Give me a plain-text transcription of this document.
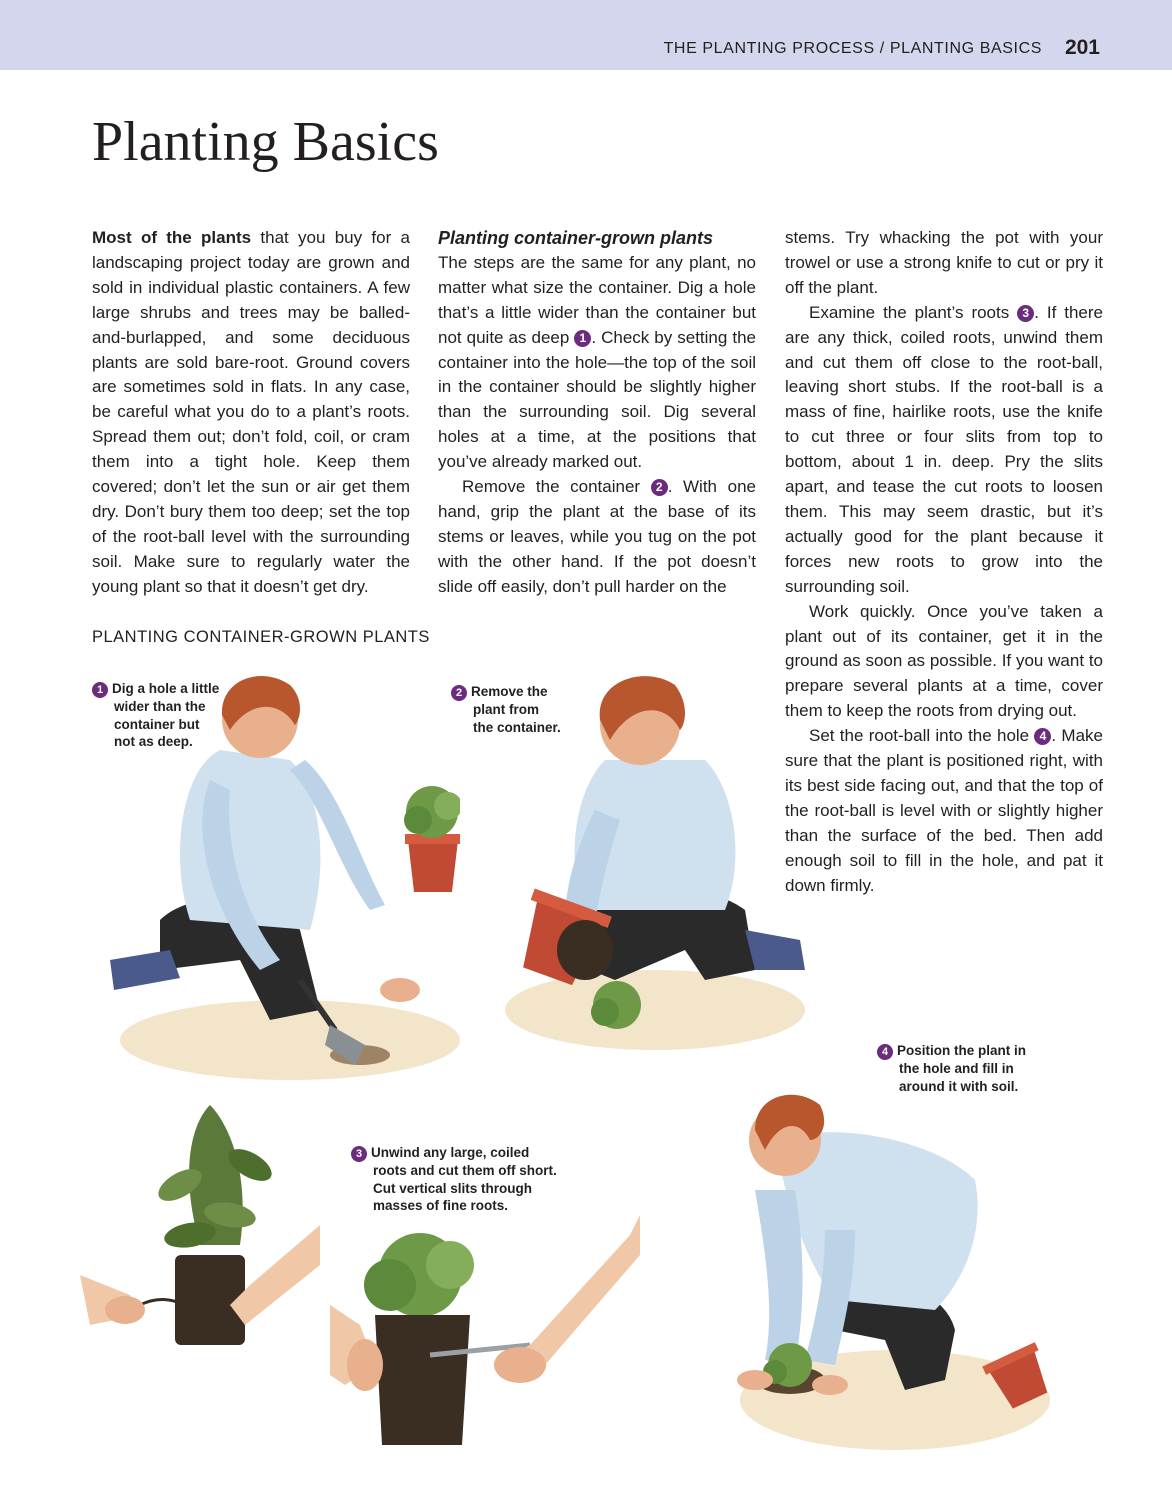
THE PLANTING PROCESS / PLANTING BASICS 201
Planting Basics

Most of the plants that you buy for a landscaping project today are grown and sold in individual plastic containers. A few large shrubs and trees may be balled-and-burlapped, and some deciduous plants are sold bare-root. Ground covers are sometimes sold in flats. In any case, be careful what you do to a plant’s roots. Spread them out; don’t fold, coil, or cram them into a tight hole. Keep them covered; don’t let the sun or air get them dry. Don’t bury them too deep; set the top of the root-ball level with the surrounding soil. Make sure to regularly water the young plant so that it doesn’t get dry.

Planting container-grown plants

The steps are the same for any plant, no matter what size the container. Dig a hole that’s a little wider than the container but not quite as deep 1 . Check by setting the container into the hole—the top of the soil in the container should be slightly higher than the surrounding soil. Dig several holes at a time, at the positions that you’ve already marked out.

Remove the container 2 . With one hand, grip the plant at the base of its stems or leaves, while you tug on the pot with the other hand. If the pot doesn’t slide off easily, don’t pull harder on the

stems. Try whacking the pot with your trowel or use a strong knife to cut or pry it off the plant.

Examine the plant’s roots 3 . If there are any thick, coiled roots, unwind them and cut them off close to the root-ball, leaving short stubs. If the root-ball is a mass of fine, hairlike roots, use the knife to cut three or four slits from top to bottom, about 1 in. deep. Pry the slits apart, and tease the cut roots to loosen them. This may seem drastic, but it’s actually good for the plant because it forces new roots to grow into the surrounding soil.

Work quickly. Once you’ve taken a plant out of its container, get it in the ground as soon as possible. If you want to prepare several plants at a time, cover them to keep the roots from drying out.

Set the root-ball into the hole 4 . Make sure that the plant is positioned right, with its best side facing out, and that the top of the root-ball is level with or slightly higher than the surface of the bed. Then add enough soil to fill in the hole, and pat it down firmly.

PLANTING CONTAINER-GROWN PLANTS
1 Dig a hole a little
wider than the
container but
not as deep.
2 Remove the
plant from
the container.
3 Unwind any large, coiled
roots and cut them off short.
Cut vertical slits through
masses of fine roots.
4 Position the plant in
the hole and fill in
around it with soil.
